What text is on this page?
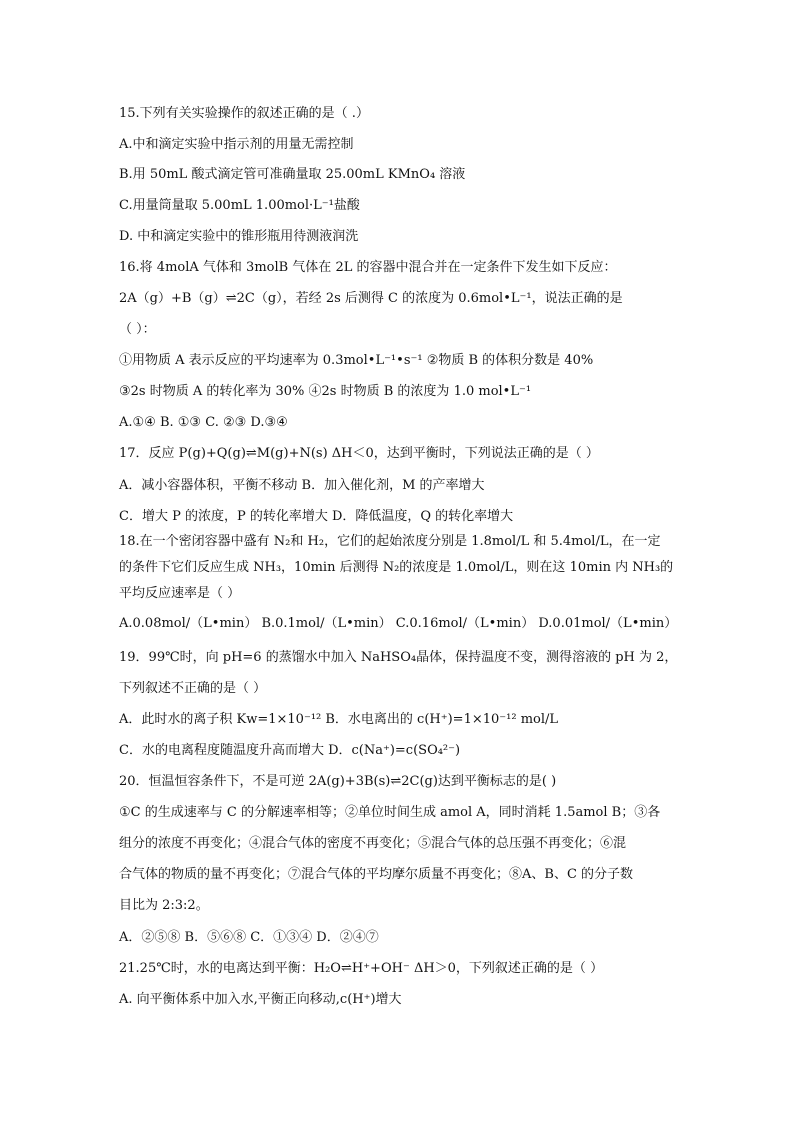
15.下列有关实验操作的叙述正确的是（ .）
A.中和滴定实验中指示剂的用量无需控制
B.用 50mL 酸式滴定管可准确量取 25.00mL KMnO₄ 溶液
C.用量筒量取 5.00mL 1.00mol·L⁻¹盐酸
D. 中和滴定实验中的锥形瓶用待测液润洗
16.将 4molA 气体和 3molB 气体在 2L 的容器中混合并在一定条件下发生如下反应：
2A（g）+B（g）⇌2C（g），若经 2s 后测得 C 的浓度为 0.6mol•L⁻¹，说法正确的是
（ ）：
①用物质 A 表示反应的平均速率为 0.3mol•L⁻¹•s⁻¹ ②物质 B 的体积分数是 40%
③2s 时物质 A 的转化率为 30% ④2s 时物质 B 的浓度为 1.0 mol•L⁻¹
A.①④ B. ①③ C. ②③ D.③④
17．反应 P(g)+Q(g)⇌M(g)+N(s) ΔH＜0，达到平衡时，下列说法正确的是（ ）
A．减小容器体积，平衡不移动 B．加入催化剂，M 的产率增大
C．增大 P 的浓度，P 的转化率增大 D．降低温度，Q 的转化率增大
18.在一个密闭容器中盛有 N₂和 H₂，它们的起始浓度分别是 1.8mol/L 和 5.4mol/L，在一定
的条件下它们反应生成 NH₃，10min 后测得 N₂的浓度是 1.0mol/L，则在这 10min 内 NH₃的
平均反应速率是（ ）
A.0.08mol/（L•min） B.0.1mol/（L•min） C.0.16mol/（L•min） D.0.01mol/（L•min）
19．99℃时，向 pH=6 的蒸馏水中加入 NaHSO₄晶体，保持温度不变，测得溶液的 pH 为 2，
下列叙述不正确的是（ ）
A．此时水的离子积 Kw=1×10⁻¹² B．水电离出的 c(H⁺)=1×10⁻¹² mol/L
C．水的电离程度随温度升高而增大 D．c(Na⁺)=c(SO₄²⁻)
20．恒温恒容条件下，不是可逆 2A(g)+3B(s)⇌2C(g)达到平衡标志的是( )
①C 的生成速率与 C 的分解速率相等；②单位时间生成 amol A，同时消耗 1.5amol B；③各
组分的浓度不再变化；④混合气体的密度不再变化；⑤混合气体的总压强不再变化；⑥混
合气体的物质的量不再变化；⑦混合气体的平均摩尔质量不再变化；⑧A、B、C 的分子数
目比为 2:3:2。
A．②⑤⑧ B．⑤⑥⑧ C．①③④ D．②④⑦
21.25℃时，水的电离达到平衡：H₂O⇌H⁺+OH⁻ ΔH＞0，下列叙述正确的是（ ）
A. 向平衡体系中加入水,平衡正向移动,c(H⁺)增大
